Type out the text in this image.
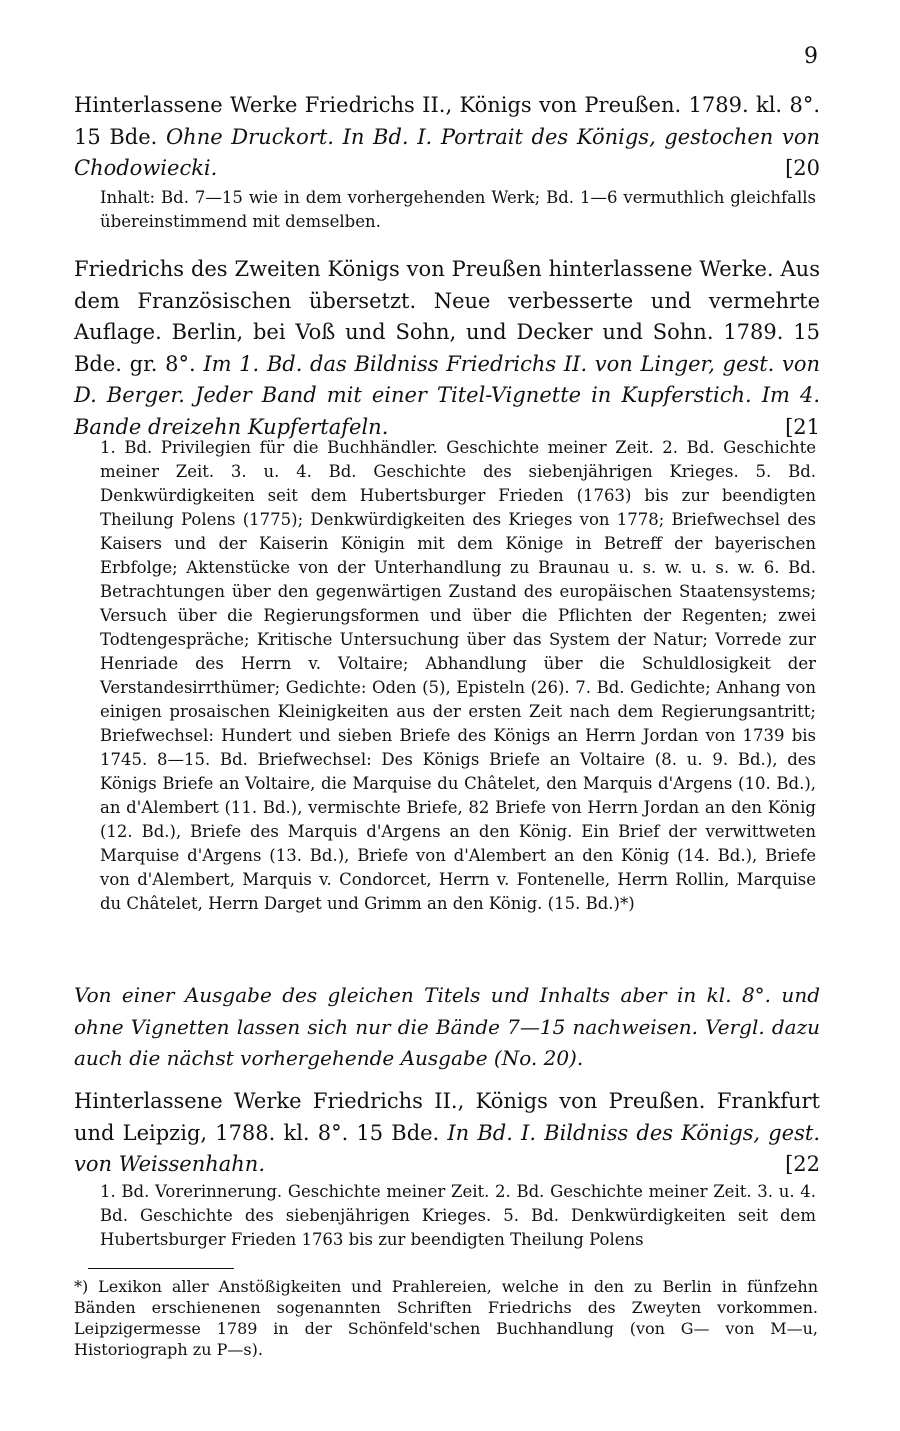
9
Hinterlassene Werke Friedrichs II., Königs von Preußen. 1789. kl. 8°. 15 Bde. Ohne Druckort. In Bd. I. Portrait des Königs, gestochen von Chodowiecki.	[20
Inhalt: Bd. 7—15 wie in dem vorhergehenden Werk; Bd. 1—6 vermuthlich gleichfalls übereinstimmend mit demselben.
Friedrichs des Zweiten Königs von Preußen hinterlassene Werke. Aus dem Französischen übersetzt. Neue verbesserte und vermehrte Auflage. Berlin, bei Voß und Sohn, und Decker und Sohn. 1789. 15 Bde. gr. 8°. Im 1. Bd. das Bildniss Friedrichs II. von Linger, gest. von D. Berger. Jeder Band mit einer Titel-Vignette in Kupferstich. Im 4. Bande dreizehn Kupfertafeln.	[21
1. Bd. Privilegien für die Buchhändler. Geschichte meiner Zeit. 2. Bd. Geschichte meiner Zeit. 3. u. 4. Bd. Geschichte des siebenjährigen Krieges. 5. Bd. Denkwürdigkeiten seit dem Hubertsburger Frieden (1763) bis zur beendigten Theilung Polens (1775); Denkwürdigkeiten des Krieges von 1778; Briefwechsel des Kaisers und der Kaiserin Königin mit dem Könige in Betreff der bayerischen Erbfolge; Aktenstücke von der Unterhandlung zu Braunau u. s. w. u. s. w. 6. Bd. Betrachtungen über den gegenwärtigen Zustand des europäischen Staatensystems; Versuch über die Regierungsformen und über die Pflichten der Regenten; zwei Todtengespräche; Kritische Untersuchung über das System der Natur; Vorrede zur Henriade des Herrn v. Voltaire; Abhandlung über die Schuldlosigkeit der Verstandesirrthümer; Gedichte: Oden (5), Episteln (26). 7. Bd. Gedichte; Anhang von einigen prosaischen Kleinigkeiten aus der ersten Zeit nach dem Regierungsantritt; Briefwechsel: Hundert und sieben Briefe des Königs an Herrn Jordan von 1739 bis 1745. 8—15. Bd. Briefwechsel: Des Königs Briefe an Voltaire (8. u. 9. Bd.), des Königs Briefe an Voltaire, die Marquise du Châtelet, den Marquis d'Argens (10. Bd.), an d'Alembert (11. Bd.), vermischte Briefe, 82 Briefe von Herrn Jordan an den König (12. Bd.), Briefe des Marquis d'Argens an den König. Ein Brief der verwittweten Marquise d'Argens (13. Bd.), Briefe von d'Alembert an den König (14. Bd.), Briefe von d'Alembert, Marquis v. Condorcet, Herrn v. Fontenelle, Herrn Rollin, Marquise du Châtelet, Herrn Darget und Grimm an den König. (15. Bd.)*)
Von einer Ausgabe des gleichen Titels und Inhalts aber in kl. 8°. und ohne Vignetten lassen sich nur die Bände 7—15 nachweisen. Vergl. dazu auch die nächst vorhergehende Ausgabe (No. 20).
Hinterlassene Werke Friedrichs II., Königs von Preußen. Frankfurt und Leipzig, 1788. kl. 8°. 15 Bde. In Bd. I. Bildniss des Königs, gest. von Weissenhahn.	[22
1. Bd. Vorerinnerung. Geschichte meiner Zeit. 2. Bd. Geschichte meiner Zeit. 3. u. 4. Bd. Geschichte des siebenjährigen Krieges. 5. Bd. Denkwürdigkeiten seit dem Hubertsburger Frieden 1763 bis zur beendigten Theilung Polens
*) Lexikon aller Anstößigkeiten und Prahlereien, welche in den zu Berlin in fünfzehn Bänden erschienenen sogenannten Schriften Friedrichs des Zweyten vorkommen. Leipzigermesse 1789 in der Schönfeld'schen Buchhandlung (von G— von M—u, Historiograph zu P—s).
